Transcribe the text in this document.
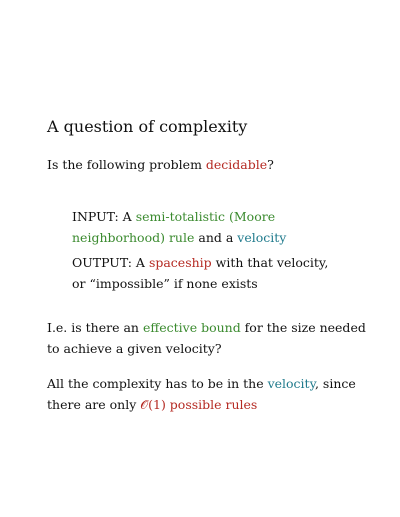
A question of complexity
Is the following problem decidable?
INPUT: A semi-totalistic (Moore
neighborhood) rule and a velocity
OUTPUT: A spaceship with that velocity,
or “impossible” if none exists
I.e. is there an effective bound for the size needed
to achieve a given velocity?
All the complexity has to be in the velocity, since
there are only 𝒪(1) possible rules
